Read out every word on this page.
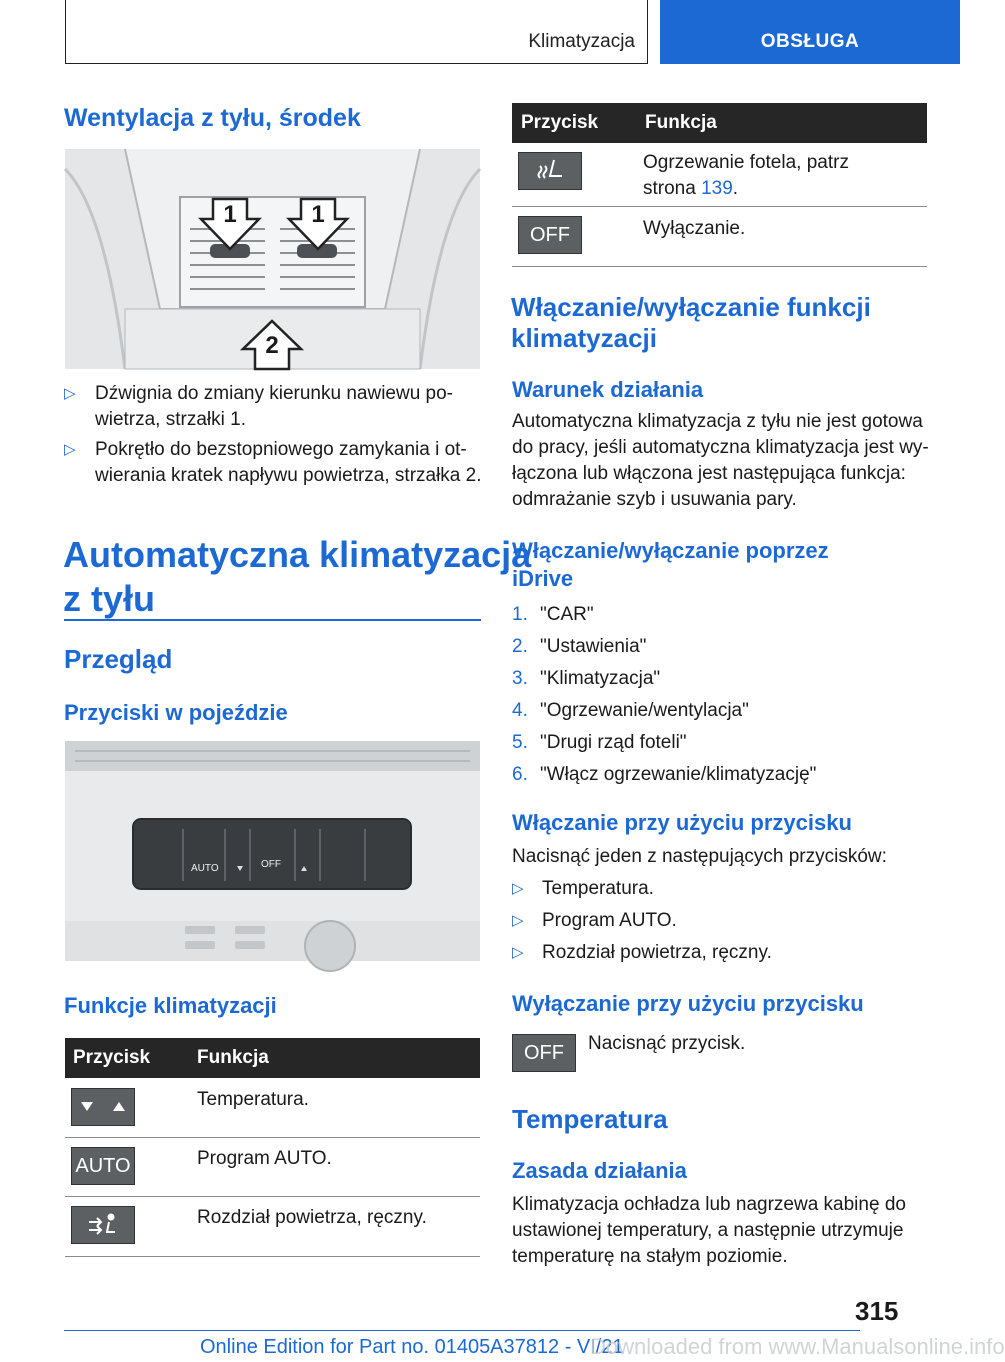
Klimatyzacja	OBSŁUGA
Wentylacja z tyłu, środek
1	1
2
▷ Dźwignia do zmiany kierunku nawiewu po-
wietrza, strzałki 1.
▷ Pokrętło do bezstopniowego zamykania i ot-
wierania kratek napływu powietrza, strzałka 2.
Automatyczna klimatyzacja
z tyłu
Przegląd
Przyciski w pojeździe
AUTO	OFF
Funkcje klimatyzacji
Przycisk Funkcja
Temperatura.
AUTO	Program AUTO.
Rozdział powietrza, ręczny.
Przycisk Funkcja
Ogrzewanie fotela, patrz
strona 139.
OFF	Wyłączanie.
Włączanie/wyłączanie funkcji
klimatyzacji
Warunek działania
Automatyczna klimatyzacja z tyłu nie jest gotowa
do pracy, jeśli automatyczna klimatyzacja jest wy-
łączona lub włączona jest następująca funkcja:
odmrażanie szyb i usuwania pary.
Włączanie/wyłączanie poprzez
iDrive
1. "CAR"
2. "Ustawienia"
3. "Klimatyzacja"
4. "Ogrzewanie/wentylacja"
5. "Drugi rząd foteli"
6. "Włącz ogrzewanie/klimatyzację"
Włączanie przy użyciu przycisku
Nacisnąć jeden z następujących przycisków:
▷ Temperatura.
▷ Program AUTO.
▷ Rozdział powietrza, ręczny.
Wyłączanie przy użyciu przycisku
OFF Nacisnąć przycisk.
Temperatura
Zasada działania
Klimatyzacja ochładza lub nagrzewa kabinę do
ustawionej temperatury, a następnie utrzymuje
temperaturę na stałym poziomie.
315
Online Edition for Part no. 01405A37812 - VI/21
Downloaded from www.Manualsonline.info
